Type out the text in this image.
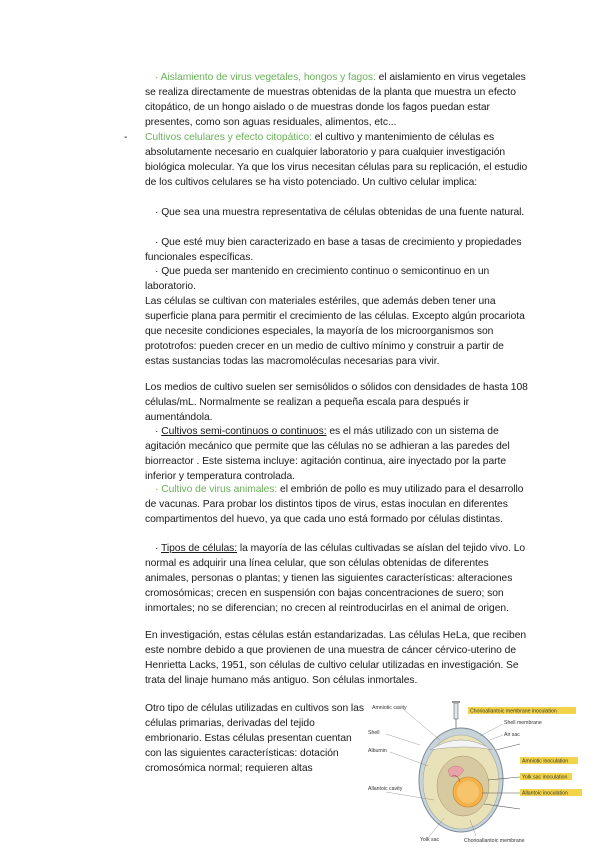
· Aislamiento de virus vegetales, hongos y fagos: el aislamiento en virus vegetales se realiza directamente de muestras obtenidas de la planta que muestra un efecto citopático, de un hongo aislado o de muestras donde los fagos puedan estar presentes, como son aguas residuales, alimentos, etc...

- Cultivos celulares y efecto citopático: el cultivo y mantenimiento de células es absolutamente necesario en cualquier laboratorio y para cualquier investigación biológica molecular. Ya que los virus necesitan células para su replicación, el estudio de los cultivos celulares se ha visto potenciado. Un cultivo celular implica:

· Que sea una muestra representativa de células obtenidas de una fuente natural.

· Que esté muy bien caracterizado en base a tasas de crecimiento y propiedades funcionales específicas.

· Que pueda ser mantenido en crecimiento continuo o semicontinuo en un laboratorio.

Las células se cultivan con materiales estériles, que además deben tener una superficie plana para permitir el crecimiento de las células. Excepto algún procariota que necesite condiciones especiales, la mayoría de los microorganismos son prototrofos: pueden crecer en un medio de cultivo mínimo y construir a partir de estas sustancias todas las macromoléculas necesarias para vivir.

Los medios de cultivo suelen ser semisólidos o sólidos con densidades de hasta 108 células/mL. Normalmente se realizan a pequeña escala para después ir aumentándola.

· Cultivos semi-continuos o continuos: es el más utilizado con un sistema de agitación mecánico que permite que las células no se adhieran a las paredes del biorreactor . Este sistema incluye: agitación continua, aire inyectado por la parte inferior y temperatura controlada.

· Cultivo de virus animales: el embrión de pollo es muy utilizado para el desarrollo de vacunas. Para probar los distintos tipos de virus, estas inoculan en diferentes compartimentos del huevo, ya que cada uno está formado por células distintas.

· Tipos de células: la mayoría de las células cultivadas se aíslan del tejido vivo. Lo normal es adquirir una línea celular, que son células obtenidas de diferentes animales, personas o plantas; y tienen las siguientes características: alteraciones cromosómicas; crecen en suspensión con bajas concentraciones de suero; son inmortales; no se diferencian; no crecen al reintroducirlas en el animal de origen.

En investigación, estas células están estandarizadas. Las células HeLa, que reciben este nombre debido a que provienen de una muestra de cáncer cérvico-uterino de Henrietta Lacks, 1951, son células de cultivo celular utilizadas en investigación. Se trata del linaje humano más antiguo. Son células inmortales.

Otro tipo de células utilizadas en cultivos son las células primarias, derivadas del tejido embrionario. Estas células presentan cuentan con las siguientes características: dotación cromosómica normal; requieren altas

Amniotic cavity
Shell
Albumin
Allantoic cavity
Yolk sac	Chorioallantoic membrane
Chorioallantoic membrane inoculation
Shell membrane
Air sac
Amniotic inoculation
Yolk sac inoculation
Allantoic inoculation
